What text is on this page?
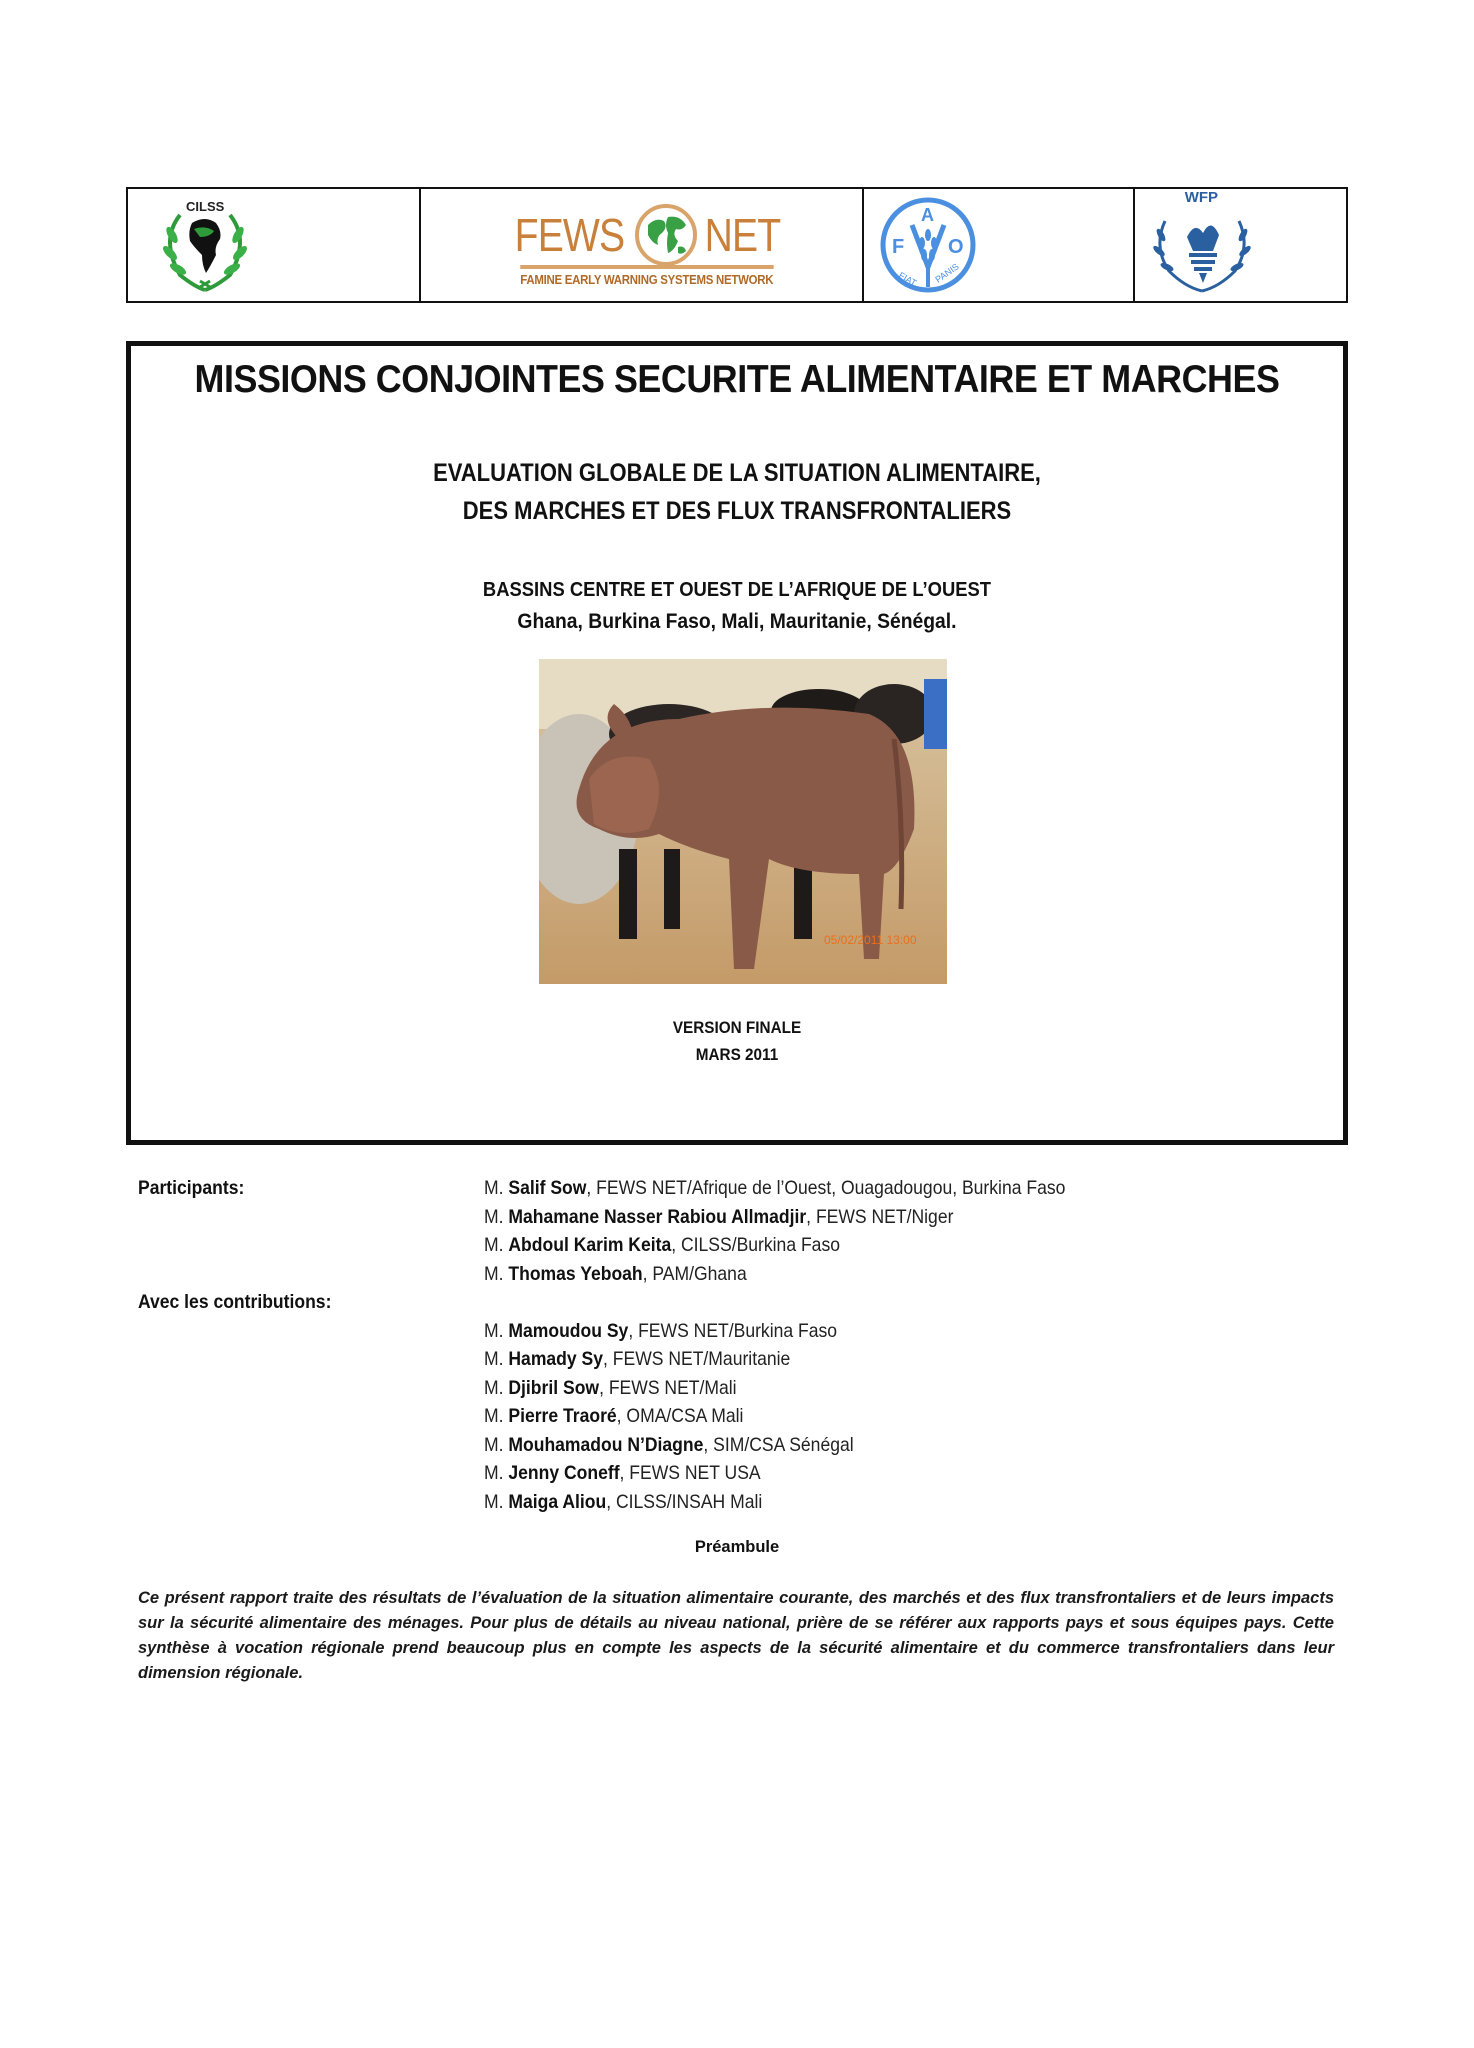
CILSS
FEWS NET
FAMINE EARLY WARNING SYSTEMS NETWORK
F
A
O
FIAT PANIS
WFP
MISSIONS CONJOINTES SECURITE ALIMENTAIRE ET MARCHES
EVALUATION GLOBALE DE LA SITUATION ALIMENTAIRE,
DES MARCHES ET DES FLUX TRANSFRONTALIERS
BASSINS CENTRE ET OUEST DE L’AFRIQUE DE L’OUEST
Ghana, Burkina Faso, Mali, Mauritanie, Sénégal.
05/02/2011 13:00
VERSION FINALE
MARS 2011
Participants:	M. Salif Sow, FEWS NET/Afrique de l’Ouest, Ouagadougou, Burkina Faso
M. Mahamane Nasser Rabiou Allmadjir, FEWS NET/Niger
M. Abdoul Karim Keita, CILSS/Burkina Faso
M. Thomas Yeboah, PAM/Ghana
Avec les contributions:
M. Mamoudou Sy, FEWS NET/Burkina Faso
M. Hamady Sy, FEWS NET/Mauritanie
M. Djibril Sow, FEWS NET/Mali
M. Pierre Traoré, OMA/CSA Mali
M. Mouhamadou N’Diagne, SIM/CSA Sénégal
M. Jenny Coneff, FEWS NET USA
M. Maiga Aliou, CILSS/INSAH Mali
Préambule
Ce présent rapport traite des résultats de l’évaluation de la situation alimentaire courante, des marchés et des flux transfrontaliers et de leurs impacts sur la sécurité alimentaire des ménages. Pour plus de détails au niveau national, prière de se référer aux rapports pays et sous équipes pays. Cette synthèse à vocation régionale prend beaucoup plus en compte les aspects de la sécurité alimentaire et du commerce transfrontaliers dans leur dimension régionale.
